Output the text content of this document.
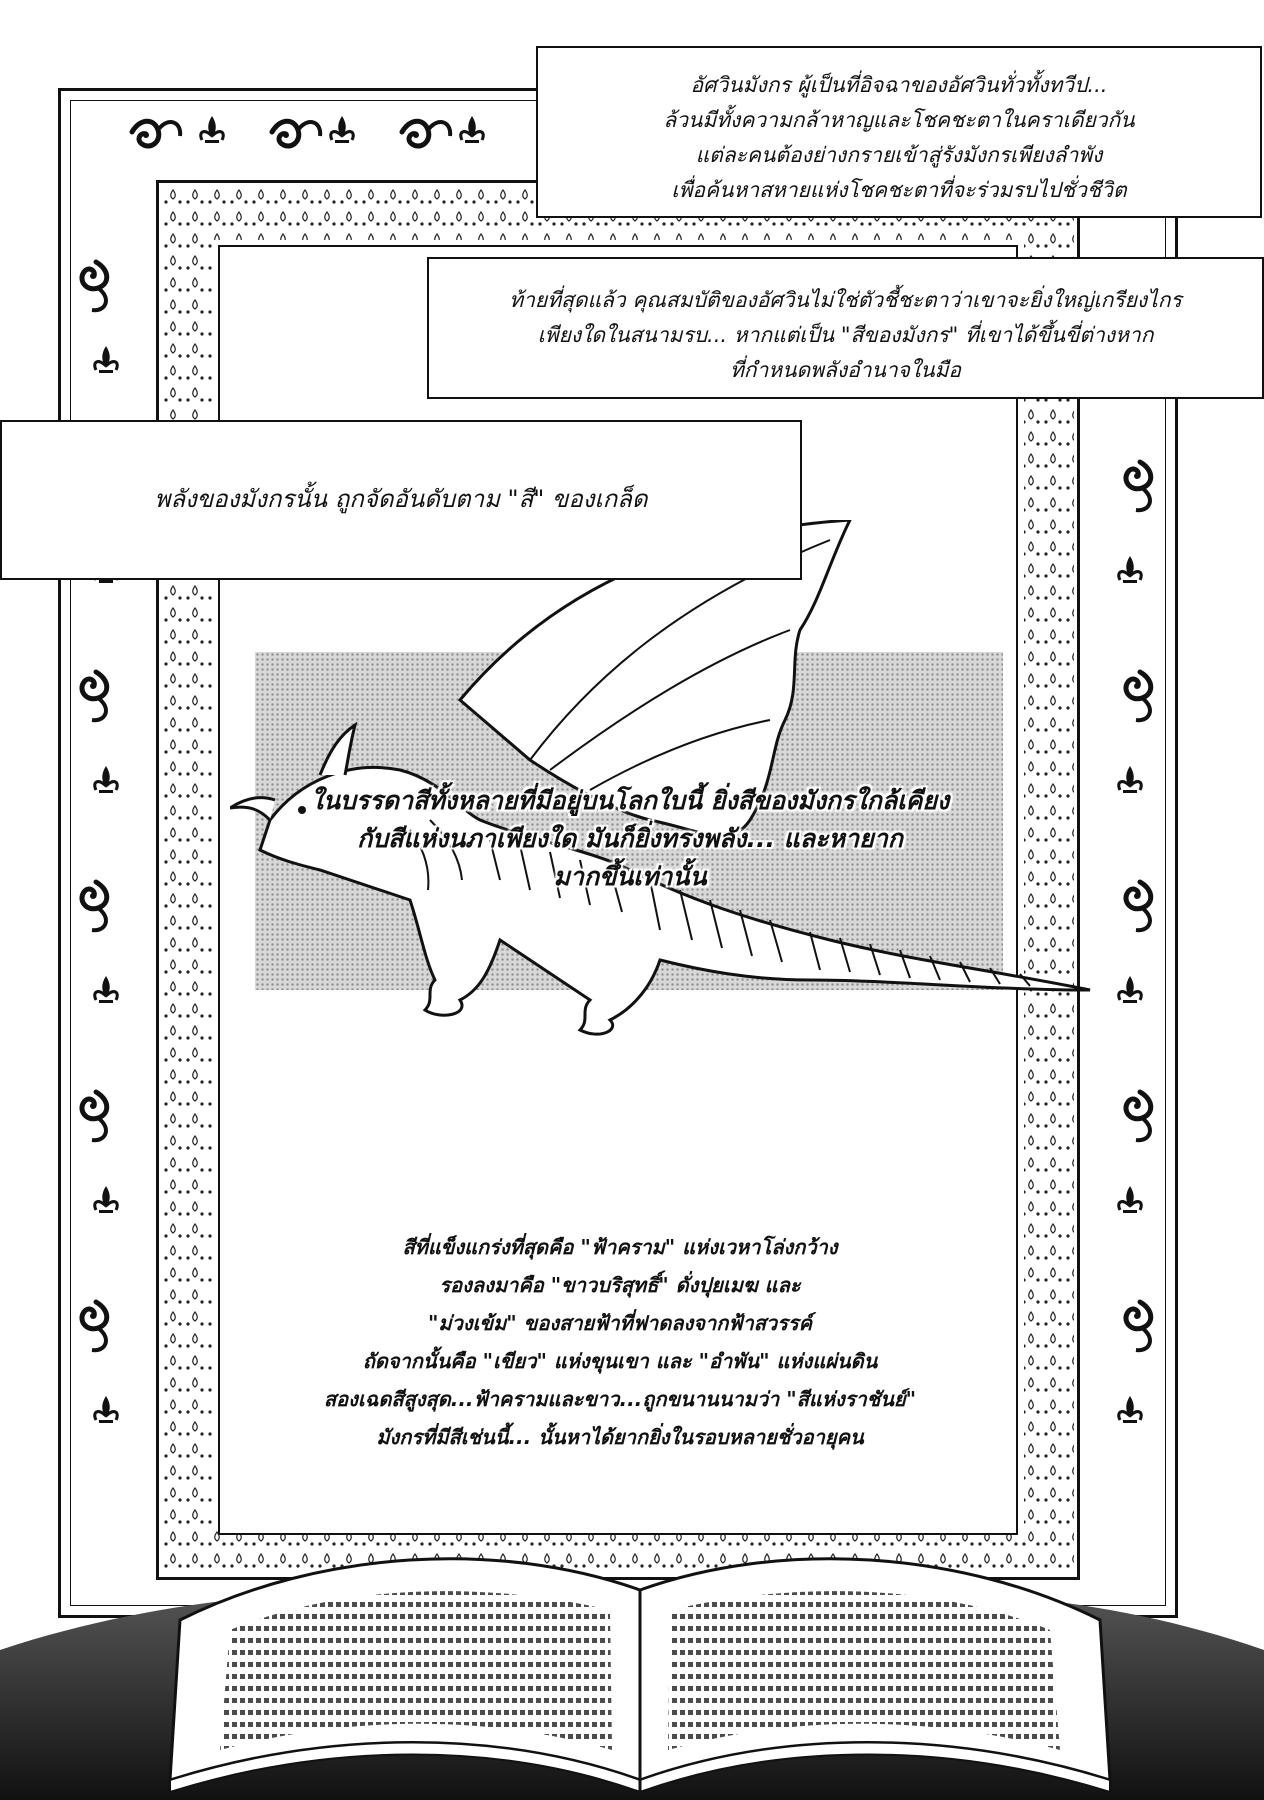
อัศวินมังกร ผู้เป็นที่อิจฉาของอัศวินทั่วทั้งทวีป...
ล้วนมีทั้งความกล้าหาญและโชคชะตาในคราเดียวกัน
แต่ละคนต้องย่างกรายเข้าสู่รังมังกรเพียงลำพัง
เพื่อค้นหาสหายแห่งโชคชะตาที่จะร่วมรบไปชั่วชีวิต
ท้ายที่สุดแล้ว คุณสมบัติของอัศวินไม่ใช่ตัวชี้ชะตาว่าเขาจะยิ่งใหญ่เกรียงไกร
เพียงใดในสนามรบ... หากแต่เป็น "สีของมังกร" ที่เขาได้ขึ้นขี่ต่างหาก
ที่กำหนดพลังอำนาจในมือ
พลังของมังกรนั้น ถูกจัดอันดับตาม "สี" ของเกล็ด
ในบรรดาสีทั้งหลายที่มีอยู่บนโลกใบนี้ ยิ่งสีของมังกรใกล้เคียง
กับสีแห่งนภาเพียงใด มันก็ยิ่งทรงพลัง... และหายาก
มากขึ้นเท่านั้น
สีที่แข็งแกร่งที่สุดคือ "ฟ้าคราม" แห่งเวหาโล่งกว้าง
รองลงมาคือ "ขาวบริสุทธิ์" ดั่งปุยเมฆ และ
"ม่วงเข้ม" ของสายฟ้าที่ฟาดลงจากฟ้าสวรรค์
ถัดจากนั้นคือ "เขียว" แห่งขุนเขา และ "อำพัน" แห่งแผ่นดิน
สองเฉดสีสูงสุด...ฟ้าครามและขาว...ถูกขนานนามว่า "สีแห่งราชันย์"
มังกรที่มีสีเช่นนี้... นั้นหาได้ยากยิ่งในรอบหลายชั่วอายุคน
